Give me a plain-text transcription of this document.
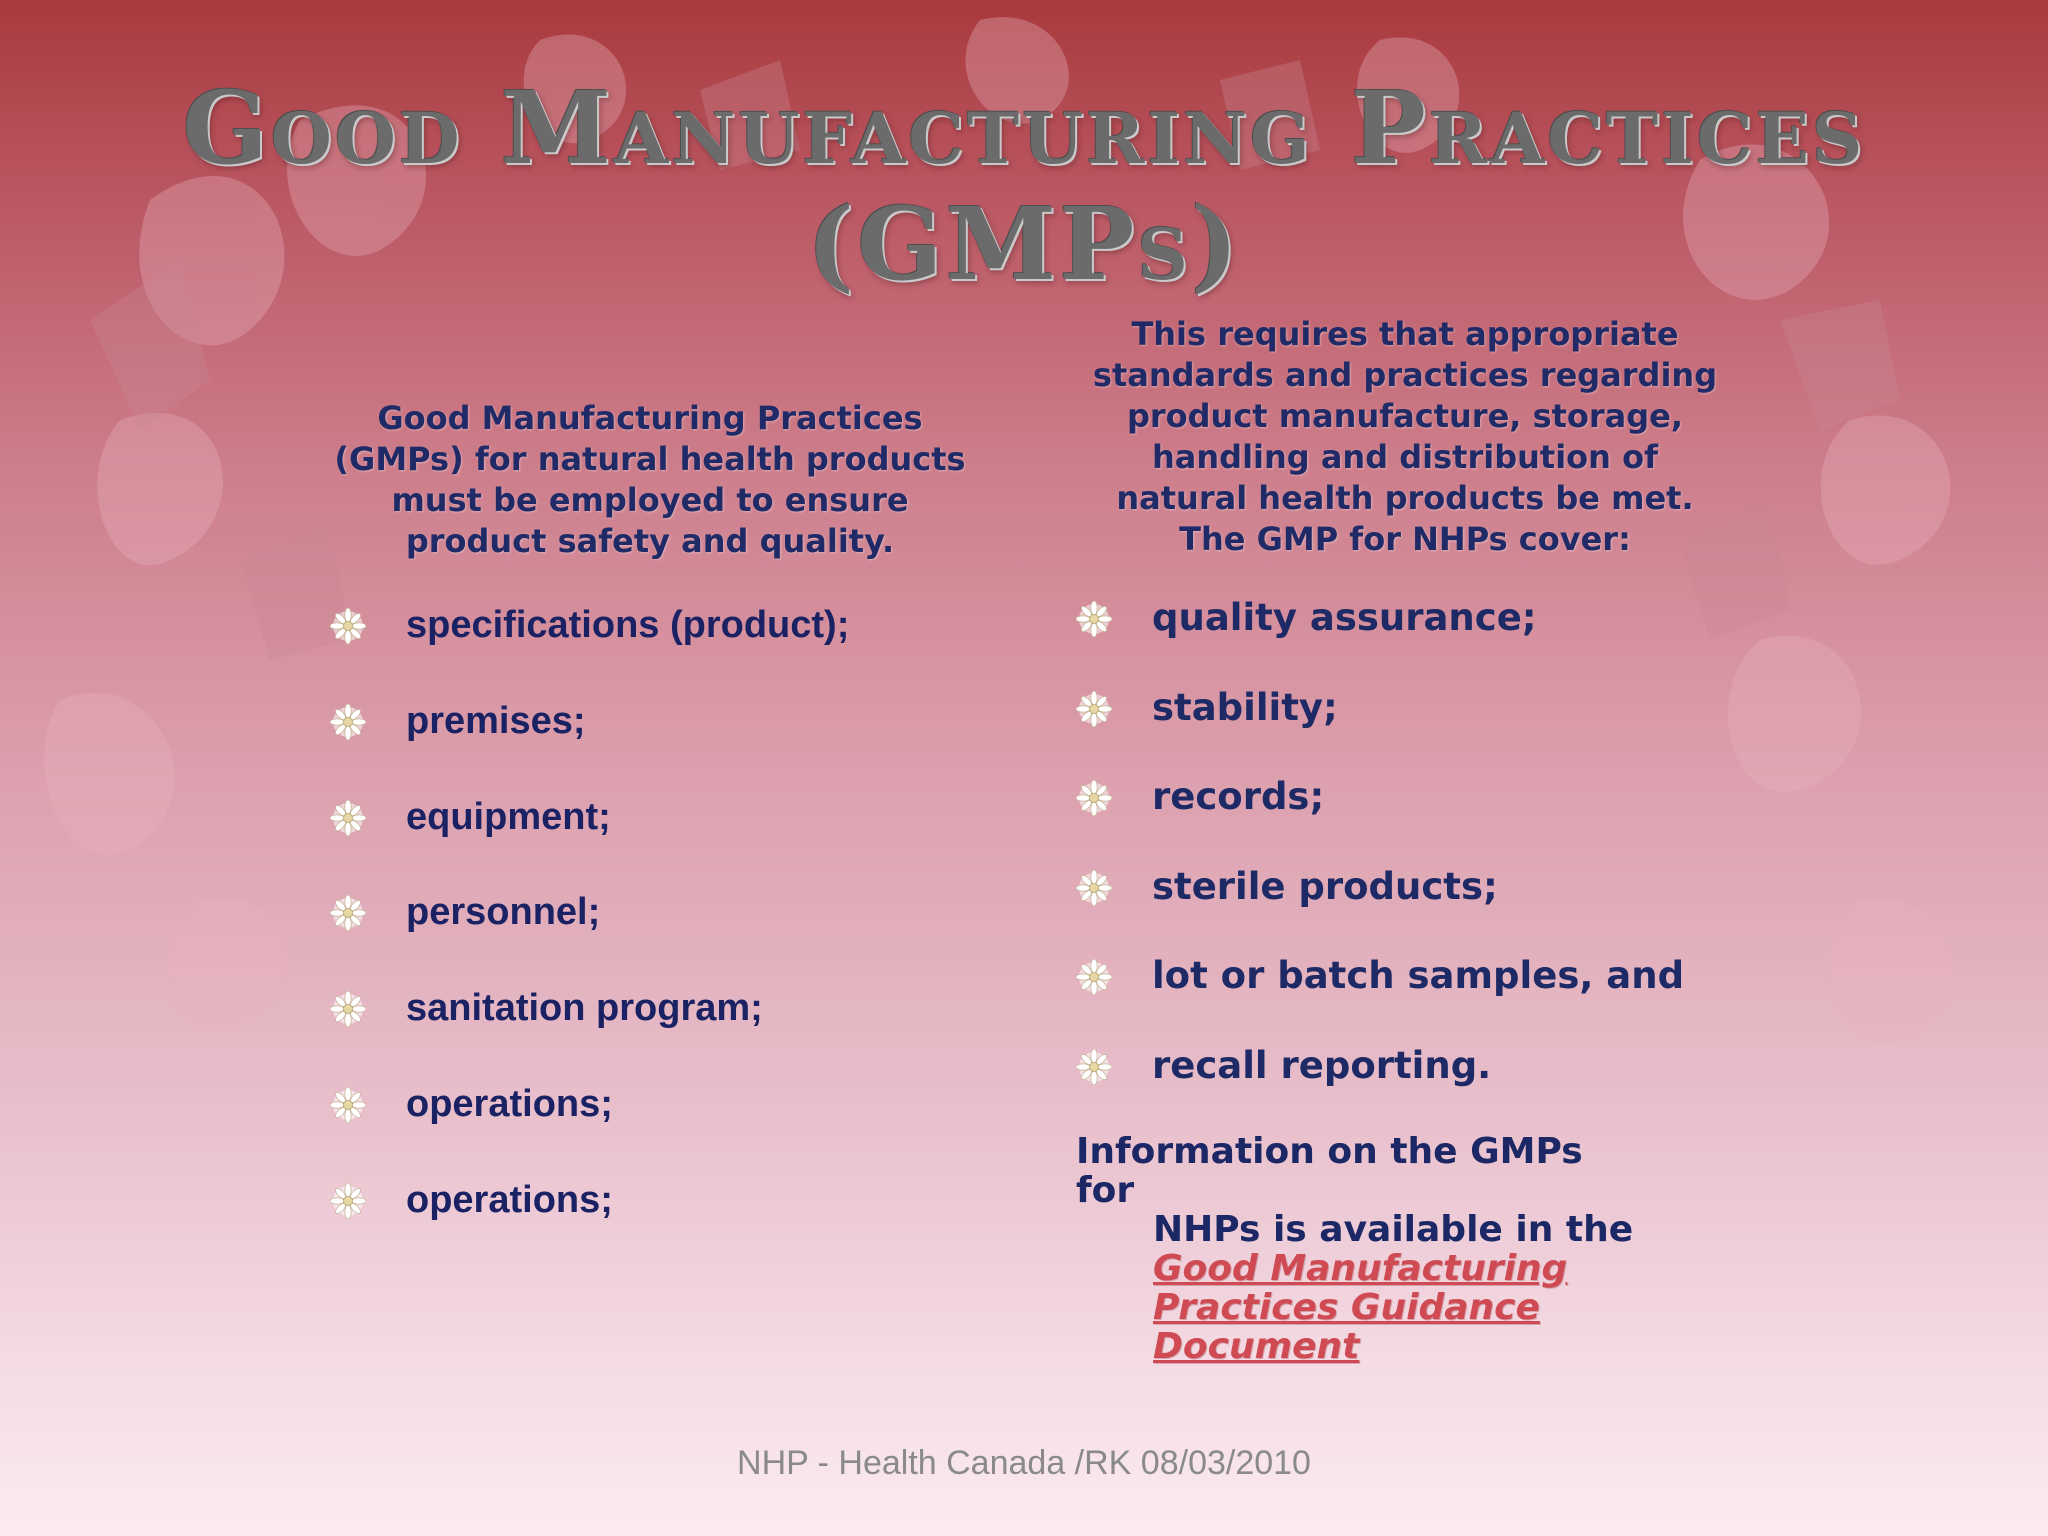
Good Manufacturing Practices
(GMPs)
Good Manufacturing Practices (GMPs) for natural health products must be employed to ensure product safety and quality.
This requires that appropriate standards and practices regarding product manufacture, storage, handling and distribution of natural health products be met. The GMP for NHPs cover:
specifications (product);
premises;
equipment;
personnel;
sanitation program;
operations;
operations;
quality assurance;
stability;
records;
sterile products;
lot or batch samples, and
recall reporting.
Information on the GMPs for
NHPs is available in the
Good Manufacturing Practices Guidance Document
NHP - Health Canada /RK 08/03/2010
